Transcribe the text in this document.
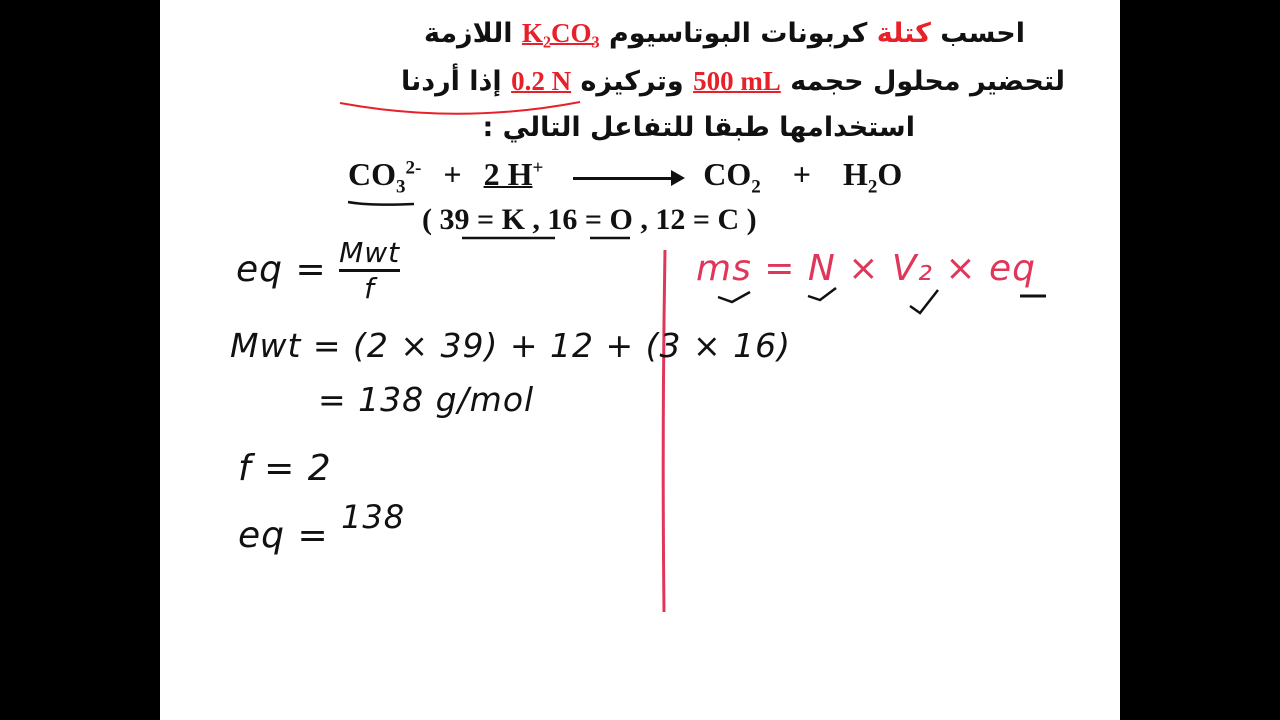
احسب كتلة كربونات البوتاسيوم K₂CO₃ اللازمة
لتحضير محلول حجمه 500 mL وتركيزه 0.2 N إذا أردنا
استخدامها طبقا للتفاعل التالي :
$CO_3^{2-} + 2$ H+	$CO_2 + H_2O$
( 39 = K , 16 = O , 12 = C )
eq = $\frac{\text{Mwt}}{f}$
Mwt = (2 × 39) + 12 + (3 × 16)
= 138 g/mol
f = 2
eq = 138
ms = N × V₂ × eq
